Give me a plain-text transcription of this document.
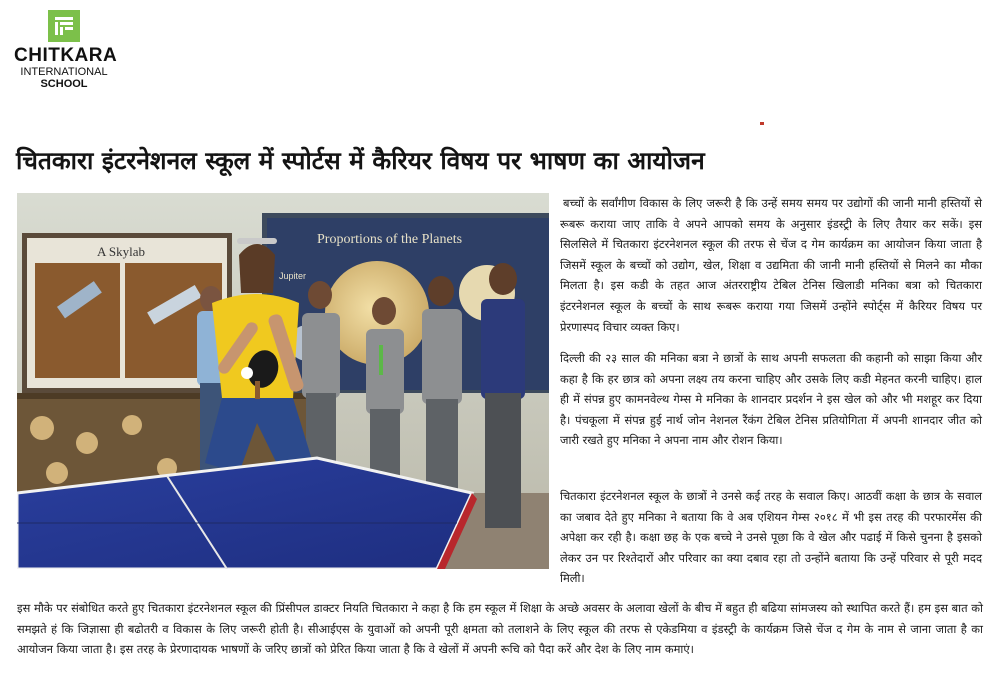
CHITKARA
INTERNATIONAL
SCHOOL
चितकारा इंटरनेशनल स्कूल में स्पोर्टस में कैरियर विषय पर भाषण का आयोजन
A Skylab
Proportions of the Planets
Jupiter

बच्चों के सर्वांगीण विकास के लिए जरूरी है कि उन्हें समय समय पर उद्योगों की जानी मानी हस्तियों से रूबरू कराया जाए ताकि वे अपने आपको समय के अनुसार इंडस्ट्री के लिए तैयार कर सकें। इस सिलसिले में चितकारा इंटरनेशनल स्कूल की तरफ से चेंज द गेम कार्यक्रम का आयोजन किया जाता है जिसमें स्कूल के बच्चों को उद्योग, खेल, शिक्षा व उद्यमिता की जानी मानी हस्तियों से मिलने का मौका मिलता है। इस कडी के तहत आज अंतरराष्ट्रीय टेबिल टेनिस खिलाडी मनिका बत्रा को चितकारा इंटरनेशनल स्कूल के बच्चों के साथ रूबरू कराया गया जिसमें उन्होंने स्पोर्ट्स में कैरियर विषय पर प्रेरणास्पद विचार व्यक्त किए।

दिल्ली की २३ साल की मनिका बत्रा ने छात्रों के साथ अपनी सफलता की कहानी को साझा किया और कहा है कि हर छात्र को अपना लक्ष्य तय करना चाहिए और उसके लिए कडी मेहनत करनी चाहिए। हाल ही में संपन्न हुए कामनवेल्थ गेम्स मे मनिका के शानदार प्रदर्शन ने इस खेल को और भी मशहूर कर दिया है। पंचकूला में संपन्न हुई नार्थ जोन नेशनल रैंकंग टेबिल टेनिस प्रतियोगिता में अपनी शानदार जीत को जारी रखते हुए मनिका ने अपना नाम और रोशन किया।

चितकारा इंटरनेशनल स्कूल के छात्रों ने उनसे कई तरह के सवाल किए। आठवीं कक्षा के छात्र के सवाल का जबाव देते हुए मनिका ने बताया कि वे अब एशियन गेम्स २०१८ में भी इस तरह की परफारमेंस की अपेक्षा कर रही है। कक्षा छह के एक बच्चे ने उनसे पूछा कि वे खेल और पढाई में किसे चुनना है इसको लेकर उन पर रिश्तेदारों और परिवार का क्या दबाव रहा तो उन्होंने बताया कि उन्हें परिवार से पूरी मदद मिली।

इस मौके पर संबोधित करते हुए चितकारा इंटरनेशनल स्कूल की प्रिंसीपल डाक्टर नियति चितकारा ने कहा है कि हम स्कूल में शिक्षा के अच्छे अवसर के अलावा खेलों के बीच में बहुत ही बढिया सांमजस्य को स्थापित करते हैं। हम इस बात को समझते हं कि जिज्ञासा ही बढोतरी व विकास के लिए जरूरी होती है। सीआईएस के युवाओं को अपनी पूरी क्षमता को तलाशने के लिए स्कूल की तरफ से एकेडमिया व इंडस्ट्री के कार्यक्रम जिसे चेंज द गेम के नाम से जाना जाता है का आयोजन किया जाता है। इस तरह के प्रेरणादायक भाषणों के जरिए छात्रों को प्रेरित किया जाता है कि वे खेलों में अपनी रूचि को पैदा करें और देश के लिए नाम कमाएं।
